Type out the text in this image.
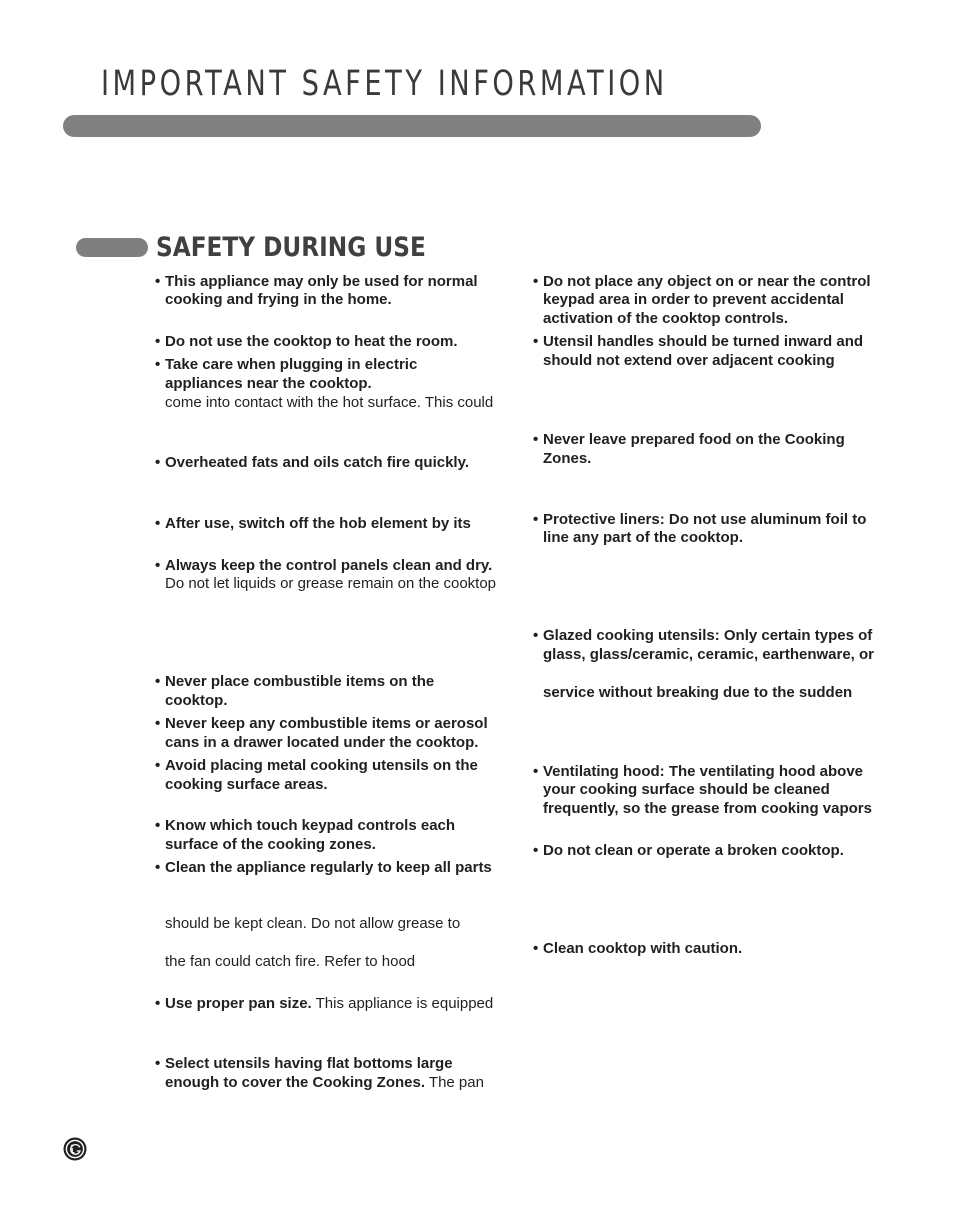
IMPORTANT SAFETY INFORMATION
SAFETY DURING USE
• This appliance may only be used for normal
cooking and frying in the home.
• Do not use the cooktop to heat the room.
• Take care when plugging in electric
appliances near the cooktop.
come into contact with the hot surface. This could
• Overheated fats and oils catch fire quickly.
• After use, switch off the hob element by its
• Always keep the control panels clean and dry.
Do not let liquids or grease remain on the cooktop
• Never place combustible items on the
cooktop.
• Never keep any combustible items or aerosol
cans in a drawer located under the cooktop.
• Avoid placing metal cooking utensils on the
cooking surface areas.
• Know which touch keypad controls each
surface of the cooking zones.
• Clean the appliance regularly to keep all parts
should be kept clean. Do not allow grease to
the fan could catch fire. Refer to hood
• Use proper pan size. This appliance is equipped
• Select utensils having flat bottoms large
enough to cover the Cooking Zones. The pan
• Do not place any object on or near the control
keypad area in order to prevent accidental
activation of the cooktop controls.
• Utensil handles should be turned inward and
should not extend over adjacent cooking
• Never leave prepared food on the Cooking
Zones.
• Protective liners: Do not use aluminum foil to
line any part of the cooktop.
• Glazed cooking utensils: Only certain types of
glass, glass/ceramic, ceramic, earthenware, or
service without breaking due to the sudden
• Ventilating hood: The ventilating hood above
your cooking surface should be cleaned
frequently, so the grease from cooking vapors
• Do not clean or operate a broken cooktop.
• Clean cooktop with caution.
